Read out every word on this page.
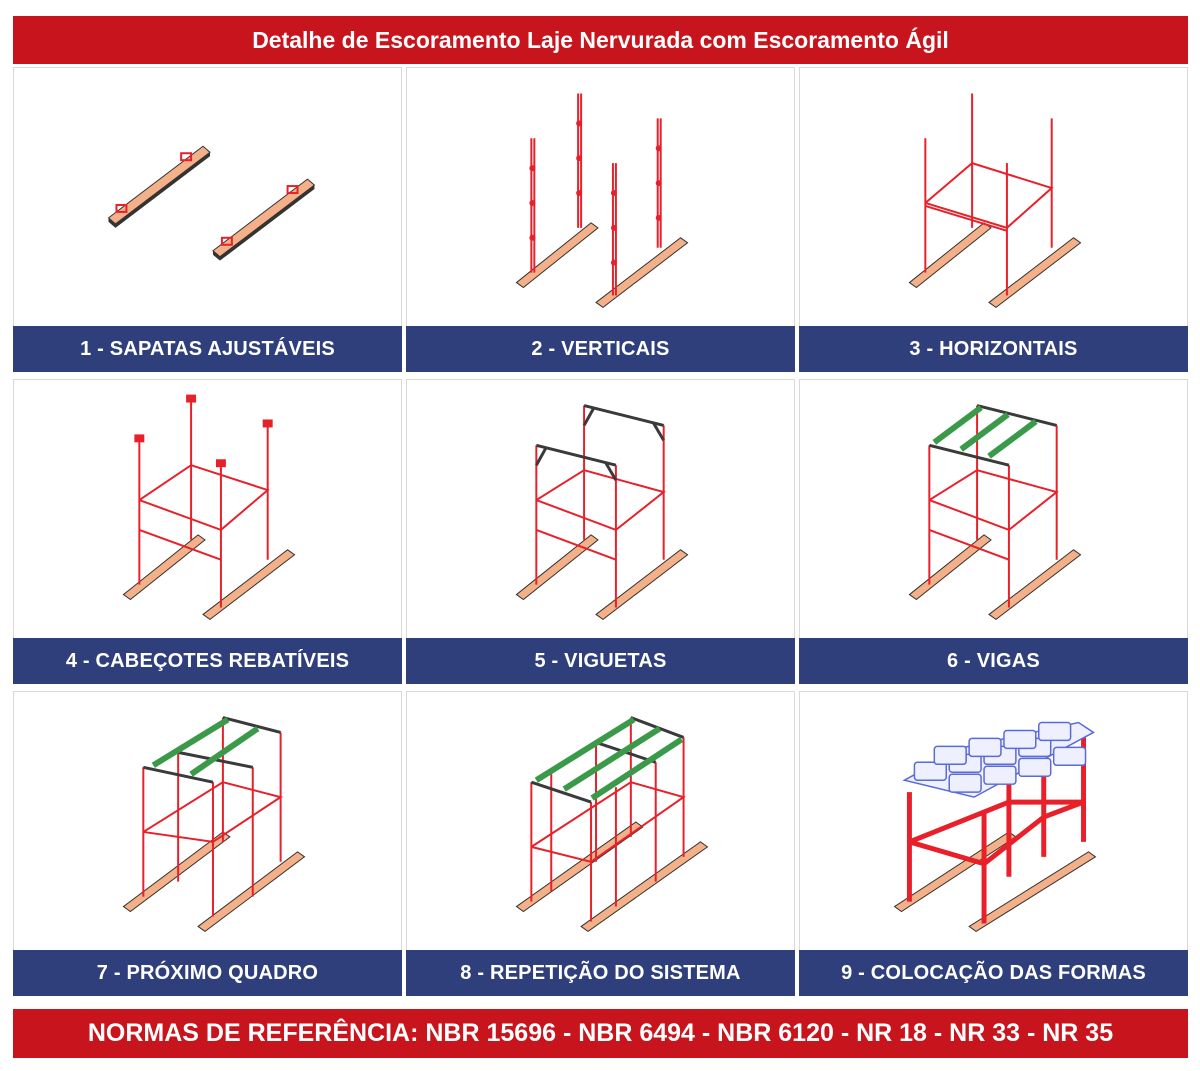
Detalhe de Escoramento Laje Nervurada com Escoramento Ágil
1 - SAPATAS AJUSTÁVEIS	2 - VERTICAIS	3 - HORIZONTAIS
4 - CABEÇOTES REBATÍVEIS	5 - VIGUETAS	6 - VIGAS
7 - PRÓXIMO QUADRO	8 - REPETIÇÃO DO SISTEMA	9 - COLOCAÇÃO DAS FORMAS
NORMAS DE REFERÊNCIA: NBR 15696 - NBR 6494 - NBR 6120 - NR 18 - NR 33 - NR 35
